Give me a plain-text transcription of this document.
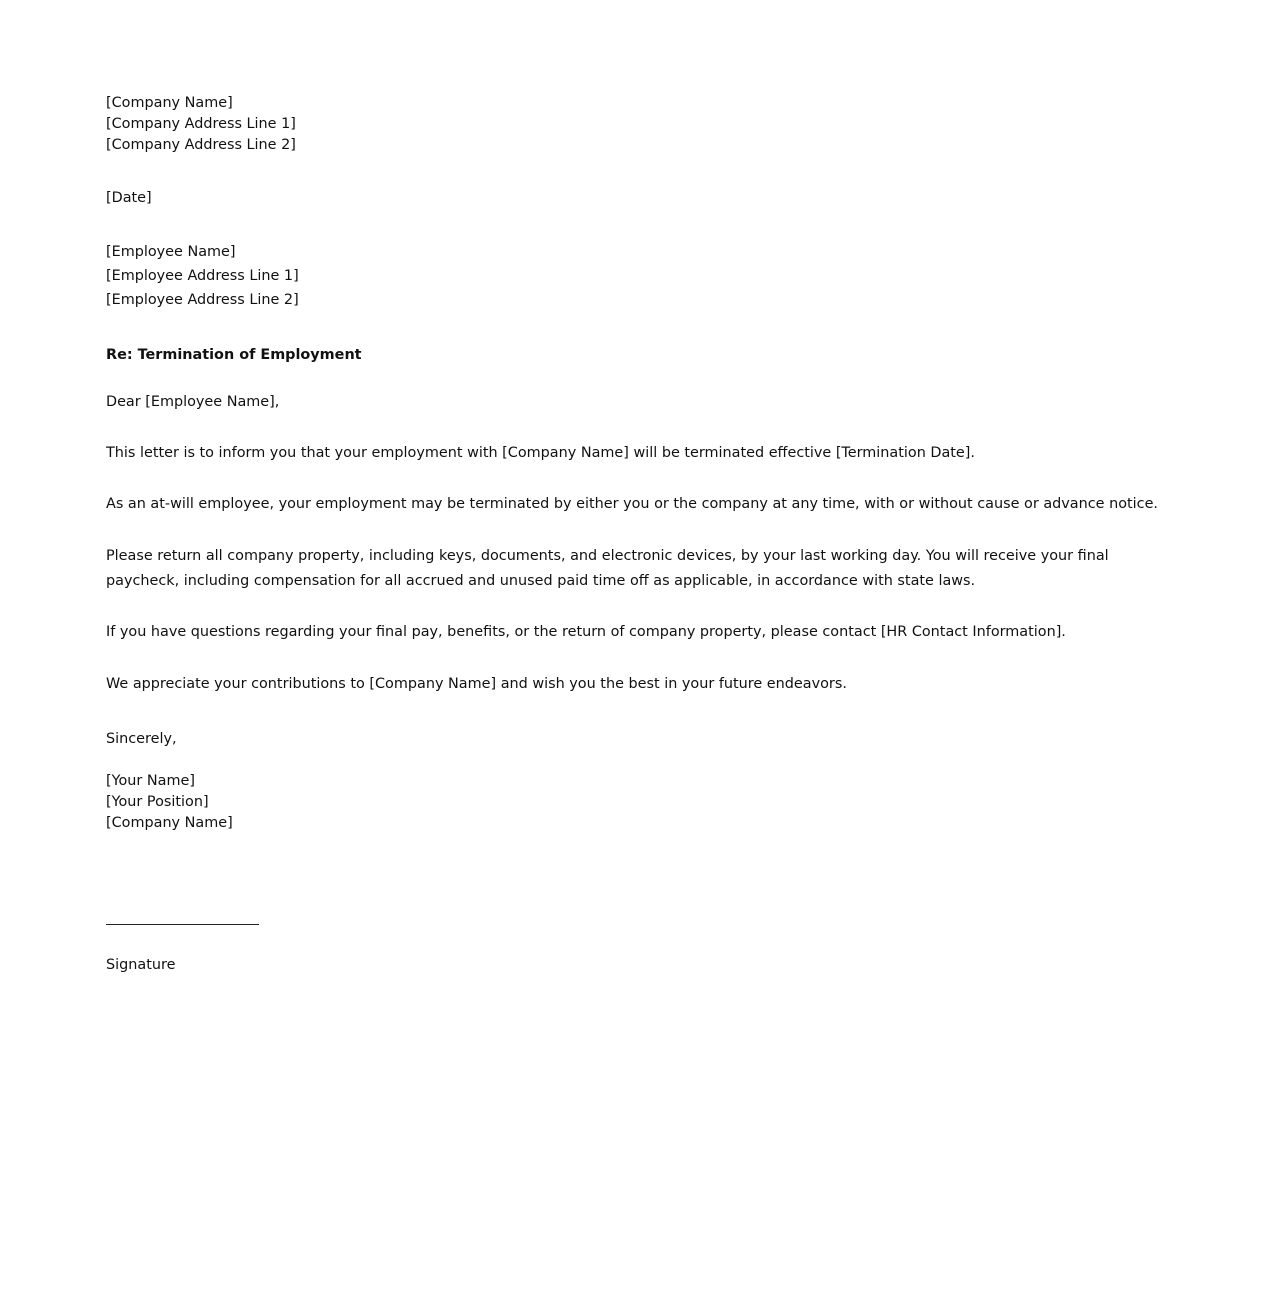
[Company Name]
[Company Address Line 1]
[Company Address Line 2]
[Date]
[Employee Name]
[Employee Address Line 1]
[Employee Address Line 2]
Re: Termination of Employment
Dear [Employee Name],
This letter is to inform you that your employment with [Company Name] will be terminated effective [Termination Date].
As an at-will employee, your employment may be terminated by either you or the company at any time, with or without cause or advance notice.
Please return all company property, including keys, documents, and electronic devices, by your last working day. You will receive your final paycheck, including compensation for all accrued and unused paid time off as applicable, in accordance with state laws.
If you have questions regarding your final pay, benefits, or the return of company property, please contact [HR Contact Information].
We appreciate your contributions to [Company Name] and wish you the best in your future endeavors.
Sincerely,
[Your Name]
[Your Position]
[Company Name]
Signature
